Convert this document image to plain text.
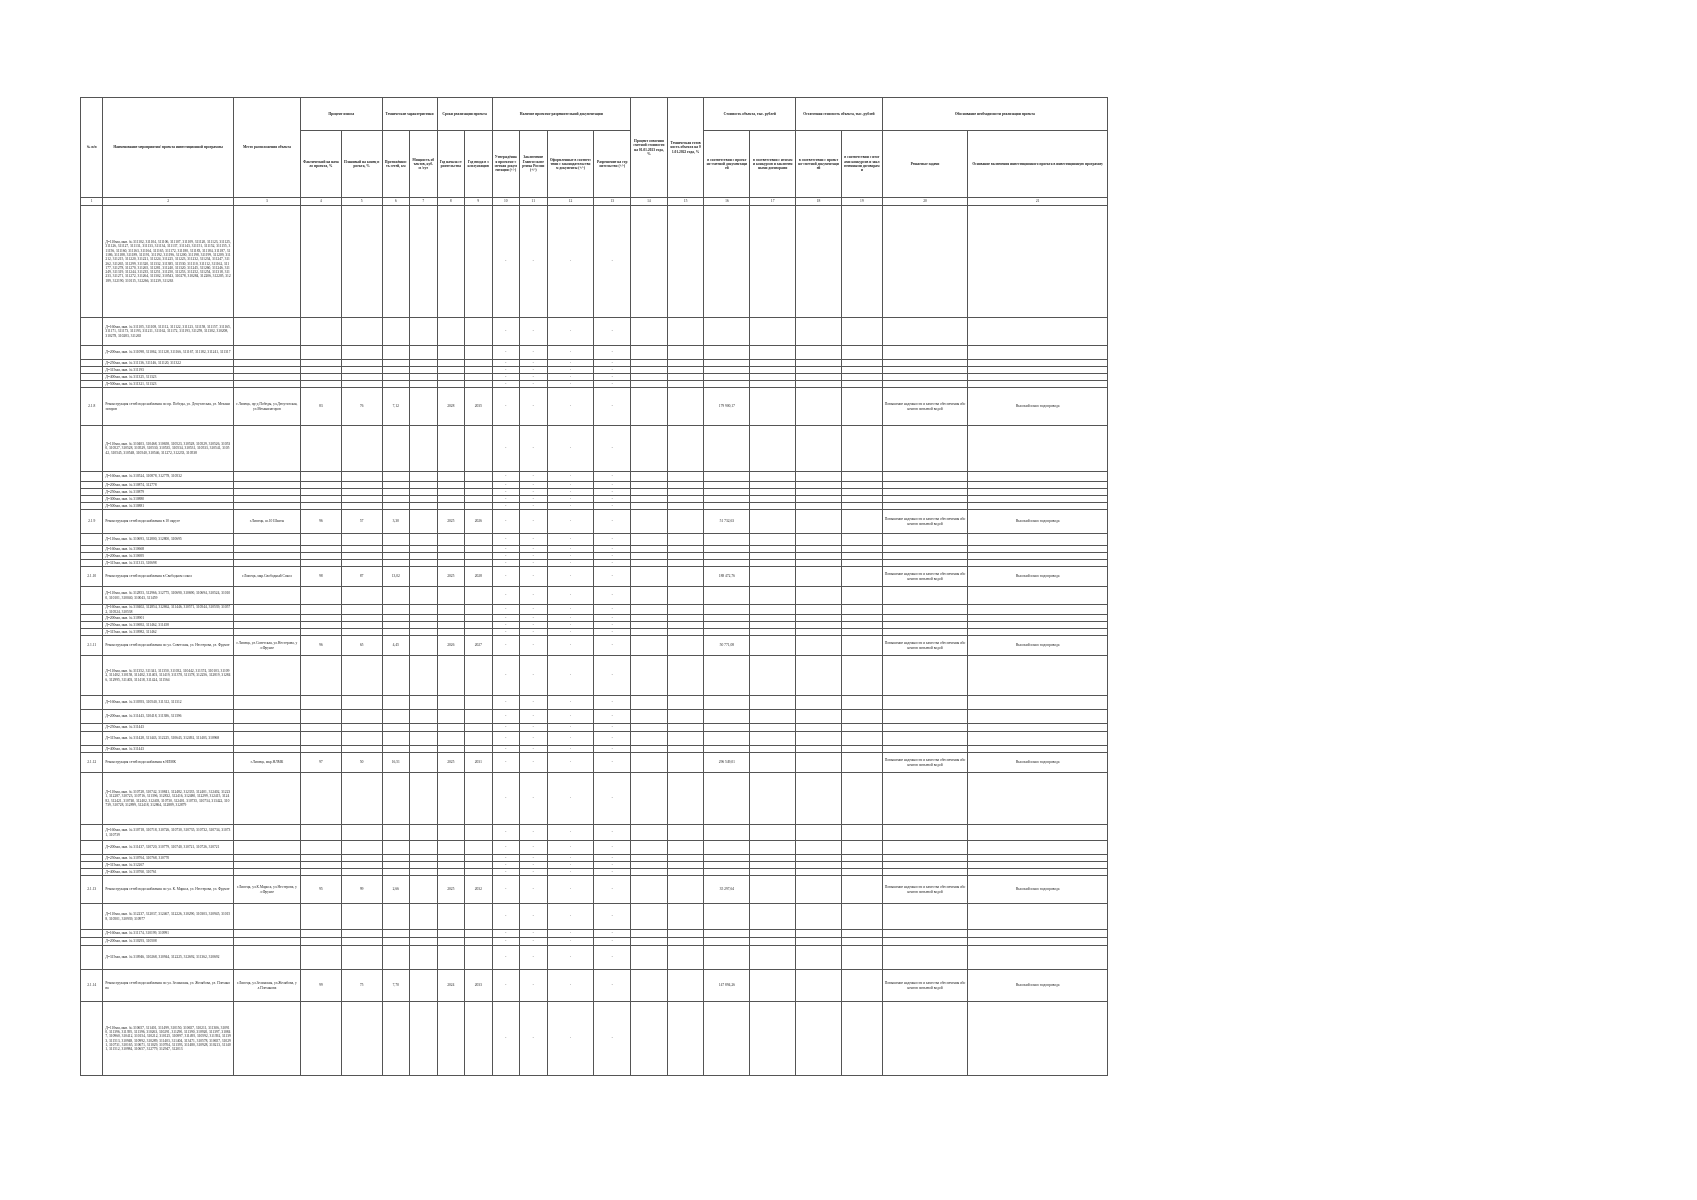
№ п/п	Наименование мероприятия/ проекта инвестиционной программы	Место расположения объекта	Процент износа		Технические характеристики		Сроки реализации проекта		Наличие проектно-разрешительной документации				Процент освоения сметной стоимости на 01.01.2023 года, %	Техническая готовность объекта на 01.01.2022 года, %	Стоимость объекта, тыс. рублей		Остаточная стоимость объекта, тыс. рублей		Обоснование необходимости реализации проекта	
			Фактический на начало проекта, %	Плановый на конец проекта, %	Протяжённость сетей, км	Мощность объектов, куб. м /сут	Год начала строительства	Год ввода в эксплуатацию	Утверждённая проектно-сметная документация (+/-)	Заключение Главгосэкспертизы России (+/-)	Оформленные в соответствии с законодательством документы (+/-)	Разрешение на строительство (+/-)			в соответствии с проектно-сметной документацией	в соответствии с итогами конкурсов и заключенными договорами	в соответствии с проектно-сметной документацией	в соответствии с итогами конкурсов и заключенными договорами	Решаемые задачи	Основание включения инвестиционного проекта в инвестиционную программу
1	2	3	4	5	6	7	8	9	10	11	12	13	14	15	16	17	18	19	20	21
	Д=110мм, инв. № 311102, 311104, 311106, 311107, 311109, 311120, 311123, 311125, 311126, 311127, 311131, 311133, 311134, 311137, 311143, 311151, 311152, 311155, 311156, 311160, 311163, 311164, 311165, 311172, 311180, 311183, 311184, 311187, 311186, 311188, 311189, 311191, 311192, 311196, 311200, 311198, 311199, 311209, 311212, 311215, 311220, 311221, 311224, 311225, 311223, 311232, 311234, 311247, 311262, 311265, 311299, 311320, 311332, 311385, 311530, 311110, 311112, 311162, 311177, 311278, 311270, 311265, 311281, 311240, 311320, 311245, 311260, 311246, 311249, 311319, 311244, 311235, 311251, 311250, 311253, 311252, 311254, 311318, 311233, 311271, 311272, 311264, 311302, 310543, 310278, 310284, 312206, 312205, 312189, 312190, 310115, 312266, 311239, 311263								-	-	-	-								
	Д=160мм, инв. № 311105, 311108, 311112, 311122, 311123, 311158, 311157, 311165, 311171, 311173, 311193, 311211, 311162, 311172, 311193, 311259, 311302, 310208, 310278, 310283, 311265								-	-	-	-								
	Д=200мм, инв. № 311098, 311062, 311128, 311166, 311167, 311182, 311241, 311317								-	-	-	-								
	Д=250мм, инв. № 311136, 311146, 311120, 311322								-	-	-	-								
	Д=315мм, инв. № 311193								-	-	-	-								
	Д=400мм, инв. № 311325, 311323								-	-	-	-								
	Д=500мм, инв. № 311321, 311323								-	-	-	-								
2.1.8	Реконструкция сетей водоснабжения по пр. Победы, ул. Депутатская, ул. Механизаторов	г.Липецк, пр-д Победы, ул.Депутатская, ул.Механизаторов	83	76	7,12		2028	2035	-	-	-	-			179 900,17				Повышение надежности и качества обеспечения абонентов питьевой водой	Высокий износ водопровода
	Д=110мм, инв. № 310403, 310468, 310658, 310523, 310528, 310529, 310526, 310530, 310527, 310528, 310529, 310530, 310535, 310534, 310531, 310533, 310541, 310542, 310545, 310548, 310540, 310546, 311272, 312233, 310538								-	-	-	-								
	Д=160мм, инв. № 310524, 310878, 312778, 310532								-	-	-	-								
	Д=200мм, инв. № 310874, 312778								-	-	-	-								
	Д=250мм, инв. № 310879								-	-	-	-								
	Д=300мм, инв. № 310880								-	-	-	-								
	Д=500мм, инв. № 310881								-	-	-	-								
2.1.9	Реконструкция сетей водоснабжения в 10 округе	г.Липецк, ш.10 Шахты	96	57	3,30		2025	2026	-	-	-	-			51 732,63				Повышение надежности и качества обеспечения абонентов питьевой водой	Высокий износ водопровода
	Д=110мм, инв. № 310693, 312800, 312800, 310695								-	-	-	-								
	Д=160мм, инв. № 310668								-	-	-	-								
	Д=200мм, инв. № 310695								-	-	-	-								
	Д=315мм, инв. № 311313, 310698								-	-	-	-								
2.1.10	Реконструкция сетей водоснабжения в Свободном сокол	г.Липецк, мкр.Свободный Сокол	98	87	13,02		2025	2028	-	-	-	-			188 472,76				Повышение надежности и качества обеспечения абонентов питьевой водой	Высокий износ водопровода
	Д=110мм, инв. № 312853, 312966, 312775, 310690, 310690, 310694, 310524, 310100, 310101, 310040, 310043, 311459								-	-	-	-								
	Д=160мм, инв. № 310402, 312854, 312862, 311446, 310571, 310544, 310539, 310572, 310524, 310538								-	-	-	-								
	Д=200мм, инв. № 310901								-	-	-	-								
	Д=250мм, инв. № 310692, 311462, 311458								-	-	-	-								
	Д=315мм, инв. № 310982, 311462								-	-	-	-								
2.1.11	Реконструкция сетей водоснабжения по ул. Советская, ул. Нестерова, ул. Фрунзе	г.Липецк, ул.Советская, ул.Нестерова, ул.Фрунзе	96	65	4,45		2026	2027	-	-	-	-			50 771,08				Повышение надежности и качества обеспечения абонентов питьевой водой	Высокий износ водопровода
	Д=110мм, инв. № 311352, 311341, 311350, 311032, 310442, 311374, 310103, 311092, 311402, 310158, 311402, 311403, 311419, 311378, 311378, 312256, 312819, 312846, 312995, 311403, 311418, 311424, 311564								-	-	-	-								
	Д=160мм, инв. № 310393, 310540, 311312, 311312								-	-	-	-								
	Д=200мм, инв. № 311443, 310418, 311386, 311396								-	-	-	-								
	Д=250мм, инв. № 311443								-	-	-	-								
	Д=315мм, инв. № 311428, 311443, 312225, 310643, 312492, 311403, 310968								-	-	-	-								
	Д=400мм, инв. № 311443								-	-	-	-								
2.1.12	Реконструкция сетей водоснабжения в НЛМК	г.Липецк, мкр.НЛМК	97	50	16,51		2025	2031	-	-	-	-			296 549,01				Повышение надежности и качества обеспечения абонентов питьевой водой	Высокий износ водопровода
	Д=110мм, инв. № 310728, 310742, 310841, 312482, 312335, 312401, 312402, 312231, 312287, 310723, 310716, 311396, 312832, 312416, 312480, 312299, 312415, 312482, 312421, 310740, 312402, 312403, 310730, 312401, 310735, 310734, 313422, 310739, 310728, 312899, 312418, 312864, 312889, 312879								-	-	-	-								
	Д=160мм, инв. № 310718, 310718, 310726, 310730, 310735, 310732, 310734, 310731, 310739								-	-	-	-								
	Д=200мм, инв. № 311437, 310720, 310779, 310740, 310721, 310726, 310721								-	-	-	-								
	Д=250мм, инв. № 310764, 310768, 310770								-	-	-	-								
	Д=315мм, инв. № 312267								-	-	-	-								
	Д=400мм, инв. № 310760, 310761								-	-	-	-								
2.1.13	Реконструкция сетей водоснабжения по ул. К. Маркса, ул. Нестерова, ул. Фрунзе	г.Липецк, ул.К.Маркса, ул.Нестерова, ул.Фрунзе	95	99	2,66		2025	2032	-	-	-	-			35 297,64				Повышение надежности и качества обеспечения абонентов питьевой водой	Высокий износ водопровода
	Д=110мм, инв. № 312237, 312037, 312467, 312226, 310290, 310303, 310945, 310158, 310501, 310939, 310977								-	-	-	-								
	Д=160мм, инв. № 311174, 310199, 310991								-	-	-	-								
	Д=200мм, инв. № 310293, 310508								-	-	-	-								
	Д=315мм, инв. № 310946, 310268, 310944, 312225, 312692, 311362, 310692								-	-	-	-								
2.1.14	Реконструкция сетей водоснабжения по ул. Зелинская, ул. Желябова, ул. Плеханова	г.Липецк, ул.Зелинская, ул.Желябова, ул.Плеханова	99	75	7,70		2024	2033	-	-	-	-			147 894,26				Повышение надежности и качества обеспечения абонентов питьевой водой	Высокий износ водопровода
	Д=110мм, инв. № 310657, 311401, 311499, 310150, 310657, 310211, 311306, 310910, 311396, 311395, 311396, 310263, 310291, 311290, 311390, 310920, 311397, 310847, 310960, 310412, 310154, 310212, 310125, 310897, 311495, 310592, 311392, 311393, 311513, 310948, 310992, 310289, 311403, 311404, 313471, 310578, 310657, 310291, 310731, 310165, 310671, 311029, 310704, 311393, 311480, 310928, 310213, 311401, 311512, 310984, 310657, 312779, 312947, 312013								-	-	-	-								
